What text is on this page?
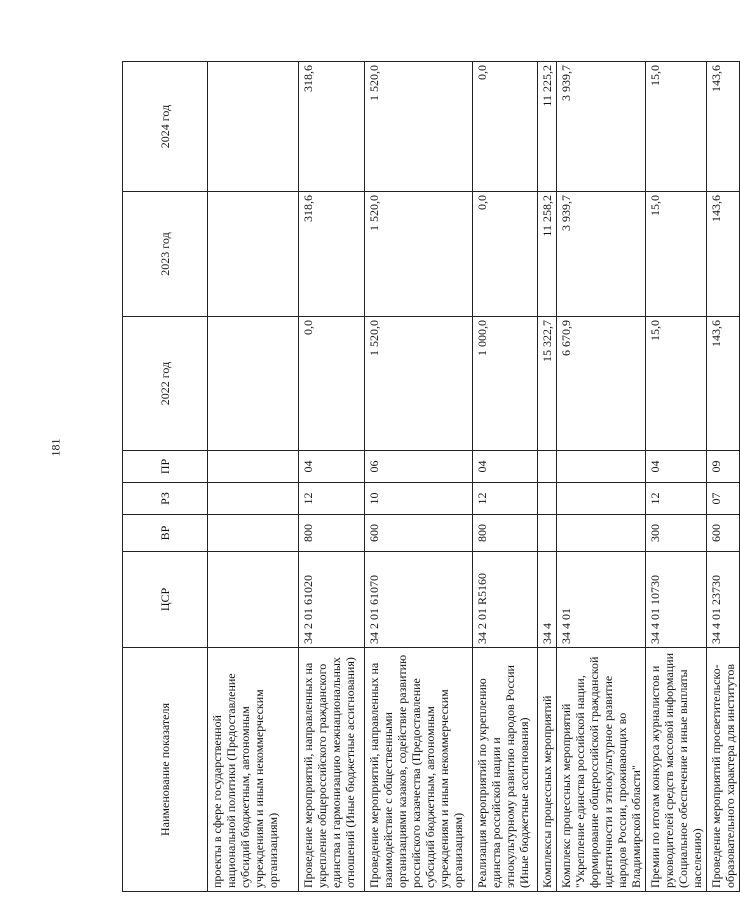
181
Наименование показателя	ЦСР	ВР	РЗ	ПР	2022 год	2023 год	2024 год
проекты в сфере государственной национальной политики (Предоставление субсидий бюджетным, автономным учреждениям и иным некоммерческим организациям)							
Проведение мероприятий, направленных на укрепление общероссийского гражданского единства и гармонизацию межнациональных отношений (Иные бюджетные ассигнования)	34 2 01 61020	800	12	04	0,0	318,6	318,6
Проведение мероприятий, направленных на взаимодействие с общественными организациями казаков, содействие развитию российского казачества (Предоставление субсидий бюджетным, автономным учреждениям и иным некоммерческим организациям)	34 2 01 61070	600	10	06	1 520,0	1 520,0	1 520,0
Реализация мероприятий по укреплению единства российской нации и этнокультурному развитию народов России (Иные бюджетные ассигнования)	34 2 01 R5160	800	12	04	1 000,0	0,0	0,0
Комплексы процессных мероприятий	34 4				15 322,7	11 258,2	11 225,2
Комплекс процессных мероприятий "Укрепление единства российской нации, формирование общероссийской гражданской идентичности и этнокультурное развитие народов России, проживающих во Владимирской области"	34 4 01				6 670,9	3 939,7	3 939,7
Премии по итогам конкурса журналистов и руководителей средств массовой информации (Социальное обеспечение и иные выплаты населению)	34 4 01 10730	300	12	04	15,0	15,0	15,0
Проведение мероприятий просветительско-образовательного характера для институтов	34 4 01 23730	600	07	09	143,6	143,6	143,6
